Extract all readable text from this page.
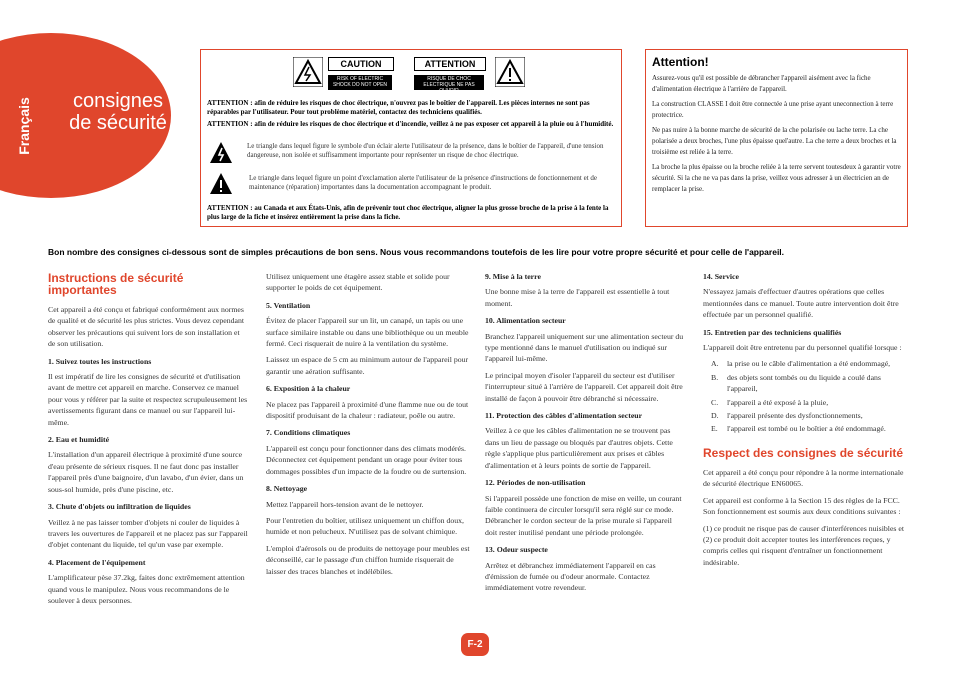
Français	consignes de sécurité
CAUTION
RISK OF ELECTRIC SHOCK DO NOT OPEN
ATTENTION
RISQUE DE CHOC ELECTRIQUE NE PAS OUVRIR
ATTENTION : afin de réduire les risques de choc électrique, n'ouvrez pas le boîtier de l'appareil. Les pièces internes ne sont pas réparables par l'utilisateur. Pour tout problème matériel, contactez des techniciens qualifiés.
ATTENTION : afin de réduire les risques de choc électrique et d'incendie, veillez à ne pas exposer cet appareil à la pluie ou à l'humidité.
Le triangle dans lequel figure le symbole d'un éclair alerte l'utilisateur de la présence, dans le boîtier de l'appareil, d'une tension dangereuse, non isolée et suffisamment importante pour représenter un risque de choc électrique.
Le triangle dans lequel figure un point d'exclamation alerte l'utilisateur de la présence d'instructions de fonctionnement et de maintenance (réparation) importantes dans la documentation accompagnant le produit.
ATTENTION : au Canada et aux États-Unis, afin de prévenir tout choc électrique, aligner la plus grosse broche de la prise à la fente la plus large de la fiche et insérez entièrement la prise dans la fiche.
Attention!
Assurez-vous qu'il est possible de débrancher l'appareil aisément avec la fiche d'alimentation électrique à l'arrière de l'appareil.
La construction CLASSE I doit être connectée à une prise ayant uneconnection à terre protectrice.
Ne pas nuire à la bonne marche de sécurité de la che polarisée ou lache terre. La che polarisée a deux broches, l'une plus épaisse quel'autre. La che terre a deux broches et la troisième est reliée à la terre.
La broche la plus épaisse ou la broche reliée à la terre servent toutesdeux à garantir votre sécurité. Si la che ne va pas dans la prise, veillez vous adresser à un électricien an de remplacer la prise.
Bon nombre des consignes ci-dessous sont de simples précautions de bon sens. Nous vous recommandons toutefois de les lire pour votre propre sécurité et pour celle de l'appareil.
Instructions de sécurité importantes

Cet appareil a été conçu et fabriqué conformément aux normes de qualité et de sécurité les plus strictes. Vous devez cependant observer les précautions qui suivent lors de son installation et de son utilisation.

1. Suivez toutes les instructions

Il est impératif de lire les consignes de sécurité et d'utilisation avant de mettre cet appareil en marche. Conservez ce manuel pour vous y référer par la suite et respectez scrupuleusement les avertissements figurant dans ce manuel ou sur l'appareil lui-même.

2. Eau et humidité

L'installation d'un appareil électrique à proximité d'une source d'eau présente de sérieux risques. Il ne faut donc pas installer l'appareil près d'une baignoire, d'un lavabo, d'un évier, dans un sous-sol humide, près d'une piscine, etc.

3. Chute d'objets ou infiltration de liquides

Veillez à ne pas laisser tomber d'objets ni couler de liquides à travers les ouvertures de l'appareil et ne placez pas sur l'appareil d'objet contenant du liquide, tel qu'un vase par exemple.

4. Placement de l'équipement

L'amplificateur pèse 37.2kg, faites donc extrêmement attention quand vous le manipulez. Nous vous recommandons de le soulever à deux personnes.

Utilisez uniquement une étagère assez stable et solide pour supporter le poids de cet équipement.

5. Ventilation

Évitez de placer l'appareil sur un lit, un canapé, un tapis ou une surface similaire instable ou dans une bibliothèque ou un meuble fermé. Ceci risquerait de nuire à la ventilation du système.

Laissez un espace de 5 cm au minimum autour de l'appareil pour garantir une aération suffisante.

6. Exposition à la chaleur

Ne placez pas l'appareil à proximité d'une flamme nue ou de tout dispositif produisant de la chaleur : radiateur, poêle ou autre.

7. Conditions climatiques

L'appareil est conçu pour fonctionner dans des climats modérés. Déconnectez cet équipement pendant un orage pour éviter tous dommages possibles d'un impacte de la foudre ou de surtension.

8. Nettoyage

Mettez l'appareil hors-tension avant de le nettoyer.

Pour l'entretien du boîtier, utilisez uniquement un chiffon doux, humide et non pelucheux. N'utilisez pas de solvant chimique.

L'emploi d'aérosols ou de produits de nettoyage pour meubles est déconseillé, car le passage d'un chiffon humide risquerait de laisser des traces blanches et indélébiles.

9. Mise à la terre

Une bonne mise à la terre de l'appareil est essentielle à tout moment.

10. Alimentation secteur

Branchez l'appareil uniquement sur une alimentation secteur du type mentionné dans le manuel d'utilisation ou indiqué sur l'appareil lui-même.

Le principal moyen d'isoler l'appareil du secteur est d'utiliser l'interrupteur situé à l'arrière de l'appareil. Cet appareil doit être installé de façon à pouvoir être débranché si nécessaire.

11. Protection des câbles d'alimentation secteur

Veillez à ce que les câbles d'alimentation ne se trouvent pas dans un lieu de passage ou bloqués par d'autres objets. Cette règle s'applique plus particulièrement aux prises et câbles d'alimentation et à leurs points de sortie de l'appareil.

12. Périodes de non-utilisation

Si l'appareil possède une fonction de mise en veille, un courant faible continuera de circuler lorsqu'il sera réglé sur ce mode. Débrancher le cordon secteur de la prise murale si l'appareil doit rester inutilisé pendant une période prolongée.

13. Odeur suspecte

Arrêtez et débranchez immédiatement l'appareil en cas d'émission de fumée ou d'odeur anormale. Contactez immédiatement votre revendeur.

14. Service

N'essayez jamais d'effectuer d'autres opérations que celles mentionnées dans ce manuel. Toute autre intervention doit être effectuée par un personnel qualifié.

15. Entretien par des techniciens qualifiés

L'appareil doit être entretenu par du personnel qualifié lorsque :

A.	la prise ou le câble d'alimentation a été endommagé,
B.	des objets sont tombés ou du liquide a coulé dans l'appareil,
C.	l'appareil a été exposé à la pluie,
D.	l'appareil présente des dysfonctionnements,
E.	l'appareil est tombé ou le boîtier a été endommagé.
Respect des consignes de sécurité

Cet appareil a été conçu pour répondre à la norme internationale de sécurité électrique EN60065.

Cet appareil est conforme à la Section 15 des règles de la FCC. Son fonctionnement est soumis aux deux conditions suivantes :

(1) ce produit ne risque pas de causer d'interférences nuisibles et (2) ce produit doit accepter toutes les interférences reçues, y compris celles qui risquent d'entraîner un fonctionnement indésirable.

F-2
